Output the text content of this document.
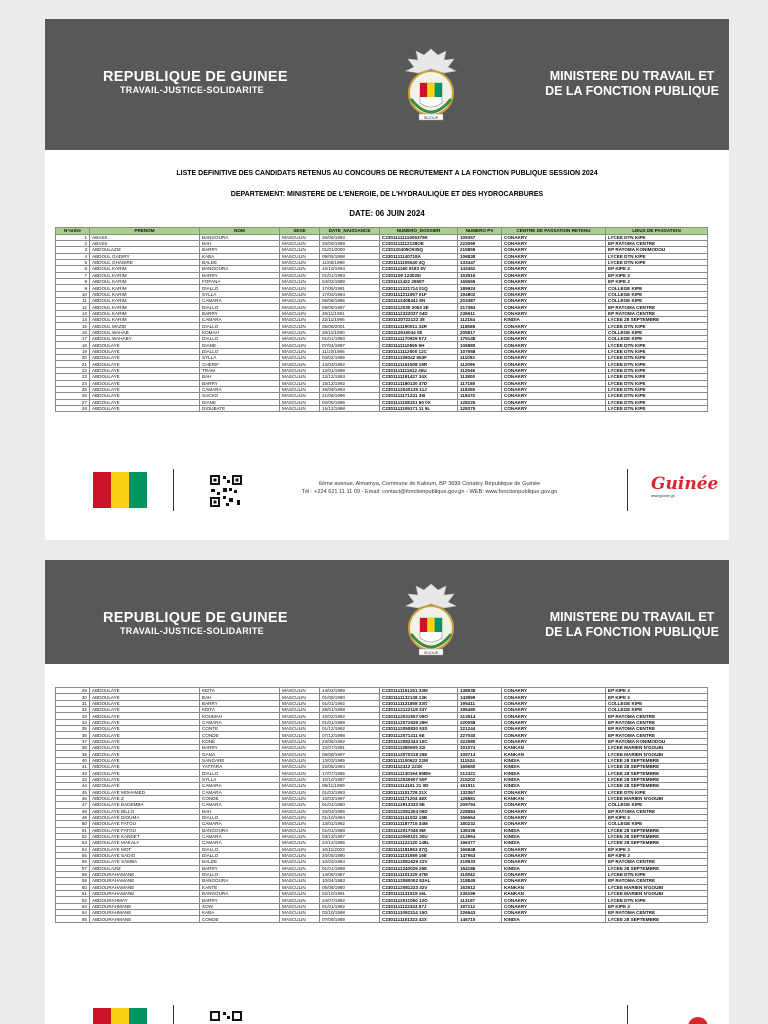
REPUBLIQUE DE GUINEE
TRAVAIL-JUSTICE-SOLIDARITE
SEJOUR
MINISTERE DU TRAVAIL ET
DE LA FONCTION PUBLIQUE
LISTE DEFINITIVE DES CANDIDATS RETENUS AU CONCOURS DE RECRUTEMENT A LA FONCTION PUBLIQUE SESSION 2024
DEPARTEMENT: MINISTERE DE L'ENERGIE, DE L'HYDRAULIQUE ET DES HYDROCARBURES
DATE: 06 JUIN 2024
N°ordre	PRENOM	NOM	SEXE	DATE_NAISSANCE	NUMERO_DOSSIER	NUMERO PV	CENTRE DE PASSATION RETENU	LIEUX DE PASSATION
1	ABASS	BANGOURA	MASCULIN	26/06/1994	C2301111111606379K	109357	CONAKRY	LYCEE DTN KIPE
2	ABASS	BAH	MASCULIN	25/09/1989	C2301111112138OE	223069	CONAKRY	EP RATOMA CENTRE
3	ABDOULAZIZ	BARRY	MASCULIN	01/01/2000	C230120405O935Q	215859	CONAKRY	EP RATOMA KONIMODOU
4	ABDOUL GADIRY	KABA	MASCULIN	09/05/1998	C2301111140718A	106838	CONAKRY	LYCEE DTN KIPE
5	ABDOUL GHADIRE	BALDE	MASCULIN	11/05/1999	C2301111105540 4Q	133447	CONAKRY	LYCEE DTN KIPE
6	ABDOUL KARIM	BANGOURA	MASCULIN	10/10/1994	C230111160 9183 6V	143452	CONAKRY	EP KIPE 2
7	ABDOUL KARIM	BARRY	MASCULIN	01/01/1993	C2301108 124025I	153516	CONAKRY	EP KIPE 2
8	ABDOUL KARIM	FOFANA	MASCULIN	04/02/1988	C2301111422 2955T	165655	CONAKRY	EP KIPE 2
9	ABDOUL KARIM	DIALLO	MASCULIN	17/05/1991	C2301111221714 01Q	189924	CONAKRY	COLLEGE KIPE
10	ABDOUL KARIM	SYLLA	MASCULIN	17/03/1984	C2301111211957 01F	194802	CONAKRY	COLLEGE KIPE
11	ABDOUL KARIM	CAMARA	MASCULIN	06/08/1985	C2301112408441 8N	203487	CONAKRY	COLLEGE KIPE
12	ABDOUL KARIM	DIALLO	MASCULIN	09/05/1997	C2301112030 2053 2E	217384	CONAKRY	EP RATOMA CENTRE
13	ABDOUL KARIM	BARRY	MASCULIN	26/11/1981	C2301112322037 04D	236611	CONAKRY	EP RATOMA CENTRE
14	ABDOUL KARIM	CAMARA	MASCULIN	22/11/1996	C2301120722122 38	112164	KINDIA	LYCEE 28 SEPTEMBRE
15	ABDOUL MAZID	DIALLO	MASCULIN	05/08/2001	C2301111190011 34R	118568	CONAKRY	LYCEE DTN KIPE
16	ABDOUL WAHAB	KOMAH	MASCULIN	28/11/1990	C230112915044 08	205817	CONAKRY	COLLEGE KIPE
17	ABDOUL WAHABY	DIALLO	MASCULIN	01/01/1983	C2301111170929 57J	175148	CONAKRY	COLLEGE KIPE
18	ABDOULAYE	DIANE	MASCULIN	07/04/1997	C2301111110555 9H	106880	CONAKRY	LYCEE DTN KIPE
19	ABDOULAYE	DIALLO	MASCULIN	11/10/1986	C2301111112000 12C	107658	CONAKRY	LYCEE DTN KIPE
20	ABDOULAYE	SYLLA	MASCULIN	03/02/1995	C230111106042 653F	111053	CONAKRY	LYCEE DTN KIPE
21	ABDOULAYE	CHERIF	MASCULIN	13/03/1992	C2301111161508 19R	112095	CONAKRY	LYCEE DTN KIPE
22	ABDOULAYE	TRAM	MASCULIN	12/01/1998	C2301111111612 45U	112646	CONAKRY	LYCEE DTN KIPE
23	ABDOULAYE	BAH	MASCULIN	12/12/1993	C2301111191427 34X	113800	CONAKRY	LYCEE DTN KIPE
24	ABDOULAYE	BARRY	MASCULIN	15/12/1992	C2301111180130 47D	117188	CONAKRY	LYCEE DTN KIPE
25	ABDOULAYE	CAMARA	MASCULIN	26/09/1993	C2301112040135 11J	118355	CONAKRY	LYCEE DTN KIPE
26	ABDOULAYE	SACKO	MASCULIN	21/06/1996	C2301111171241 39I	118470	CONAKRY	LYCEE DTN KIPE
27	ABDOULAYE	DIANE	MASCULIN	02/05/1996	C2301111108151 60 0X	128225	CONAKRY	LYCEE DTN KIPE
28	ABDOULAYE	DIOUBATE	MASCULIN	15/12/1998	C2301111109171 11 9L	128375	CONAKRY	LYCEE DTN KIPE
6ème avenue, Almamya, Commune de Kaloum, BP 3699 Conakry République de Guinée
Tél : +224 621 11 11 09 - Email: contact@fonctionpublique.gov.gn - WEB: www.fonctionpublique.gov.gn	Guinée
www.guinee.gn
REPUBLIQUE DE GUINEE
TRAVAIL-JUSTICE-SOLIDARITE
SEJOUR
MINISTERE DU TRAVAIL ET
DE LA FONCTION PUBLIQUE
29	ABDOULAYE	KEITA	MASCULIN	14/02/1989	C2301111191251 33M	138938	CONAKRY	EP KIPE 2
30	ABDOULAYE	BAH	MASCULIN	01/08/1990	C2301111132138 13K	143999	CONAKRY	EP KIPE 2
31	ABDOULAYE	BARRY	MASCULIN	01/01/1992	C2301111121858 33O	195411	CONAKRY	COLLEGE KIPE
32	ABDOULAYE	KEITA	MASCULIN	28/01/1998	C2301112122119 33Y	195480	CONAKRY	COLLEGE KIPE
33	ABDOULAYE	KOUMAH	MASCULIN	10/02/1992	C2301112031557 08O	213614	CONAKRY	EP RATOMA CENTRE
34	ABDOULAYE	CAMARA	MASCULIN	01/01/1989	C2301112071939 28H	220058	CONAKRY	EP RATOMA CENTRE
35	ABDOULAYE	CONTE	MASCULIN	01/12/1992	C2301112050830 53S	221244	CONAKRY	EP RATOMA CENTRE
36	ABDOULAYE	CONDE	MASCULIN	07/12/1998	C2301112071411 6E	227040	CONAKRY	EP RATOMA CENTRE
37	ABDOULAYE	KONE	MASCULIN	23/05/1992	C2301112082343 15C	222585	CONAKRY	EP RATOMA KONIMODOU
38	ABDOULAYE	BARRY	MASCULIN	22/07/1991	C2301111080609 32I	101074	KANKAN	LYCEE MARIEN N'GOUBI
39	ABDOULAYE	GANA	MASCULIN	08/08/1997	C2301112070318 268	109713	KANKAN	LYCEE MARIEN N'GOUBI
40	ABDOULAYE	SANGARE	MASCULIN	13/03/1985	C2301111100622 22W	111524	KINDIA	LYCEE 28 SEPTEMBRE
41	ABDOULAYE	YATTARA	MASCULIN	22/05/1994	C2301112412 221K	165650	KINDIA	LYCEE 28 SEPTEMBRE
42	ABDOULAYE	DIALLO	MASCULIN	17/07/1995	C2301111130194 95BH	212421	KINDIA	LYCEE 28 SEPTEMBRE
43	ABDOULAYE	SYLLA	MASCULIN	10/10/1987	C2301112040607 50F	215202	KINDIA	LYCEE 28 SEPTEMBRE
44	ABDOULAYE	CAMARA	MASCULIN	08/11/1999	C230111114161 21 0D	161911	KINDIA	LYCEE 28 SEPTEMBRE
45	ABDOULAYE MOHAMED	CAMARA	MASCULIN	01/03/1993	C2301111101729 21X	132367	CONAKRY	LYCEE DTN KIPE
46	ABDOULAYE Z	CONDE	MASCULIN	10/03/1997	C2301111171204 48X	126561	KANKAN	LYCEE MARIEN N'GOUBI
47	ABDOULAYE BADEMBA	CAMARA	MASCULIN	01/01/1980	C2301112913333 9E	209794	CONAKRY	COLLEGE KIPE
48	ABDOULAYE BILLO	BAH	MASCULIN	25/03/1986	C2301112081304 06D	228584	CONAKRY	EP RATOMA CENTRE
49	ABDOULAYE DIOUMA	DIALLO	MASCULIN	01/10/1994	C2301111141032 19B	156664	CONAKRY	EP KIPE 2
50	ABDOULAYE FATOU	CAMARA	MASCULIN	13/01/1982	C2301111187715 34M	180232	CONAKRY	COLLEGE KIPE
51	ABDOULAYE FATOU	BANGOURA	MASCULIN	01/01/1988	C2301112017045 8M	136336	KINDIA	LYCEE 28 SEPTEMBRE
52	ABDOULAYE KANDET	CAMARA	MASCULIN	03/12/1997	C2301112060101 30U	212964	KINDIA	LYCEE 28 SEPTEMBRE
53	ABDOULAYE MAKALY	CAMARA	MASCULIN	22/12/1985	C2301111122120 148L	196377	KINDIA	LYCEE 28 SEPTEMBRE
54	ABDOULAYE MOT	DIALLO	MASCULIN	10/11/2003	C2301111181953 37Q	166848	CONAKRY	EP KIPE 2
55	ABDOULAYE SADIO	DIALLO	MASCULIN	20/05/1990	C2301111131559 16E	147963	CONAKRY	EP KIPE 2
56	ABDOULAYE SAMBA	BALDE	MASCULIN	10/03/1983	C2301112081629 22V	219933	CONAKRY	EP RATOMA CENTRE
57	ABDOULAZIZ	BARRY	MASCULIN	01/01/1999	C2301111240026 25E	164186	KINDIA	LYCEE 28 SEPTEMBRE
58	ABDOURAHAMANE	DIALLO	MASCULIN	14/08/1987	C2301111101329 47M	110842	CONAKRY	LYCEE DTN KIPE
59	ABDOURAHAMANE	BANGOURA	MASCULIN	10/04/1983	C2301112080002 83AL	218845	CONAKRY	EP RATOMA CENTRE
60	ABDOURAHAMANE	KANTE	MASCULIN	05/08/1980	C2301112081223 32V	162512	KANKAN	LYCEE MARIEN N'GOUBI
61	ABDOURAHAMANE	BANGOURA	MASCULIN	02/10/1991	C2301111131519 16L	236199	KANKAN	LYCEE MARIEN N'GOUBI
62	ABDOURAHMAY	BARRY	MASCULIN	24/07/1992	C2301112011050 12O	113197	CONAKRY	LYCEE DTN KIPE
63	ABDOURAHMANE	SOW	MASCULIN	01/01/1982	C2301111122324 57J	197112	CONAKRY	EP KIPE 2
64	ABDOURAHMANE	KABA	MASCULIN	03/10/1998	C2301111092314 15G	226543	CONAKRY	EP RATOMA CENTRE
65	ABDOURAHMANE	CONDE	MASCULIN	07/09/1989	C2301111101323 42X	146715	KINDIA	LYCEE 28 SEPTEMBRE
